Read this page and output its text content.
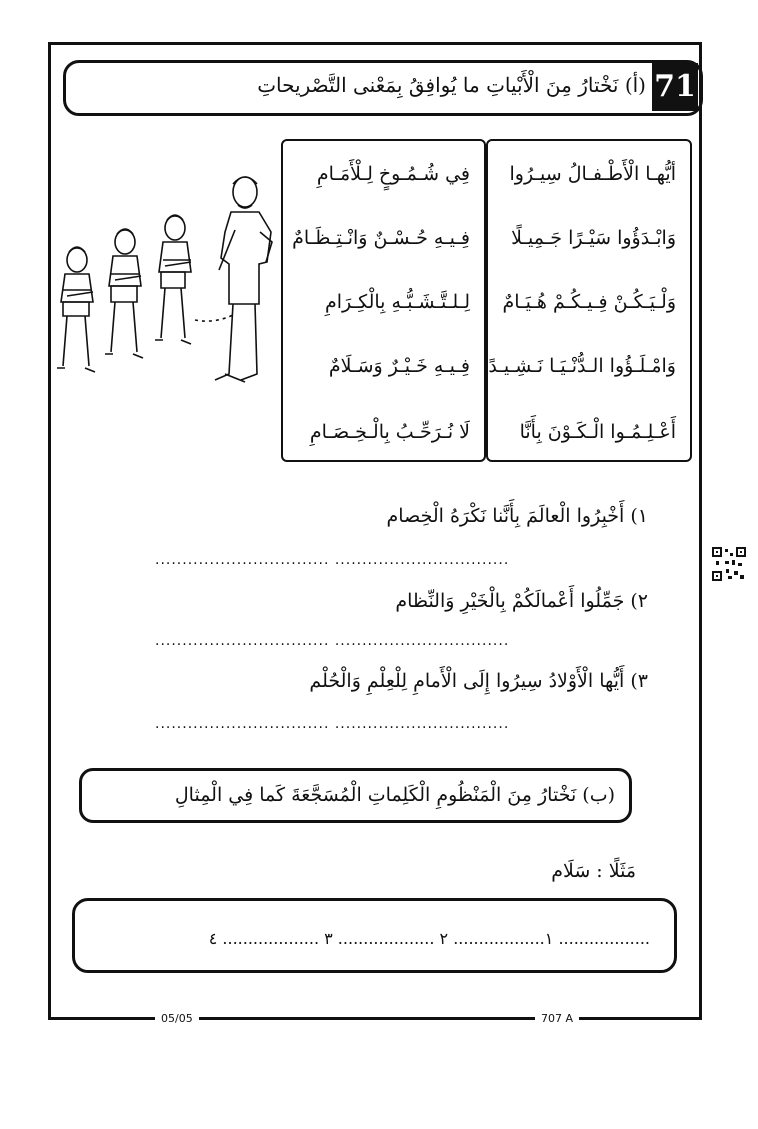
71
(أ) نَخْتارُ مِنَ الْأَبْياتِ ما يُوافِقُ بِمَعْنى التَّصْريحاتِ
فِي شُـمُـوخٍ لِـلْأَمَـامِ
فِـيـهِ حُـسْـنٌ وَانْـتِـظَـامٌ
لِـلـتَّـشَـبُّـهِ بِالْكِـرَامِ
فِـيـهِ خَـيْـرٌ وَسَـلَامٌ
لَا نُـرَحِّـبُ بِالْـخِـصَـامِ
أيُّهـا الْأَطْـفـالُ سِيـرُوا
وَابْـدَؤُوا سَيْـرًا جَـمِيـلًا
وَلْـيَـكُـنْ فِـيـكُـمْ هُـيَـامٌ
وَامْـلَـؤُوا الـدُّنْـيَـا نَـشِـيـدًا
أَعْـلِـمُـوا الْـكَـوْنَ بِأَنَّا
١) أَخْبِرُوا الْعالَمَ بِأَنَّنا نَكْرَهُ الْخِصام
................................ ................................
٢) جَمِّلُوا أَعْمالَكُمْ بِالْخَيْرِ وَالنِّظام
................................ ................................
٣) أَيُّها الْأَوْلادُ سِيرُوا إِلَى الْأَمامِ لِلْعِلْمِ وَالْحُلْم
................................ ................................
(ب) نَخْتارُ مِنَ الْمَنْظُومِ الْكَلِماتِ الْمُسَجَّعَةَ كَما فِي الْمِثالِ
مَثَلًا : سَلَام
١.................. ٢ ................... ٣ ................... ٤ ..................
05/05	707 A
